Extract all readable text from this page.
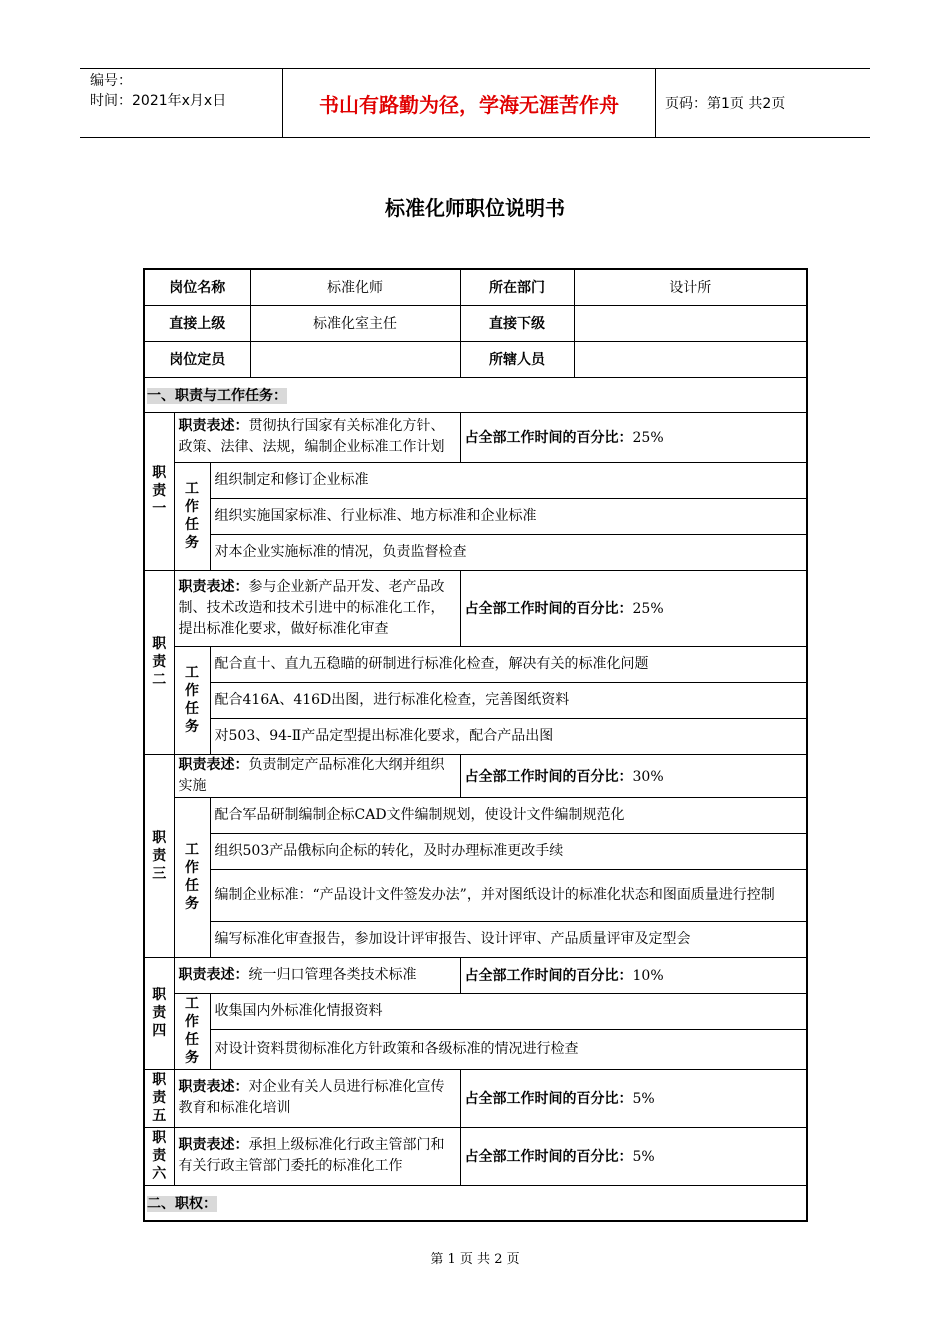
编号：
时间：2021年x月x日	书山有路勤为径，学海无涯苦作舟	页码：第1页 共2页
标准化师职位说明书
岗位名称			标准化师	所在部门	设计所
直接上级			标准化室主任	直接下级	
岗位定员				所辖人员	
一、职责与工作任务：					
职责一	职责表述：贯彻执行国家有关标准化方针、政策、法律、法规，编制企业标准工作计划			占全部工作时间的百分比：25%	
	工作任务	组织制定和修订企业标准			
		组织实施国家标准、行业标准、地方标准和企业标准			
		对本企业实施标准的情况，负责监督检查			
职责二	职责表述：参与企业新产品开发、老产品改制、技术改造和技术引进中的标准化工作，提出标准化要求，做好标准化审查			占全部工作时间的百分比：25%	
	工作任务	配合直十、直九五稳瞄的研制进行标准化检查，解决有关的标准化问题			
		配合416A、416D出图，进行标准化检查，完善图纸资料			
		对503、94-Ⅱ产品定型提出标准化要求，配合产品出图			
职责三	职责表述：负责制定产品标准化大纲并组织实施			占全部工作时间的百分比：30%	
	工作任务	配合军品研制编制企标CAD文件编制规划，使设计文件编制规范化			
		组织503产品俄标向企标的转化，及时办理标准更改手续			
		编制企业标准：“产品设计文件签发办法”，并对图纸设计的标准化状态和图面质量进行控制			
		编写标准化审查报告，参加设计评审报告、设计评审、产品质量评审及定型会			
职责四	职责表述：统一归口管理各类技术标准			占全部工作时间的百分比：10%	
	工作任务	收集国内外标准化情报资料			
		对设计资料贯彻标准化方针政策和各级标准的情况进行检查			
职责五	职责表述：对企业有关人员进行标准化宣传教育和标准化培训			占全部工作时间的百分比：5%	
职责六	职责表述：承担上级标准化行政主管部门和有关行政主管部门委托的标准化工作			占全部工作时间的百分比：5%	
二、职权：					
第 1 页 共 2 页
